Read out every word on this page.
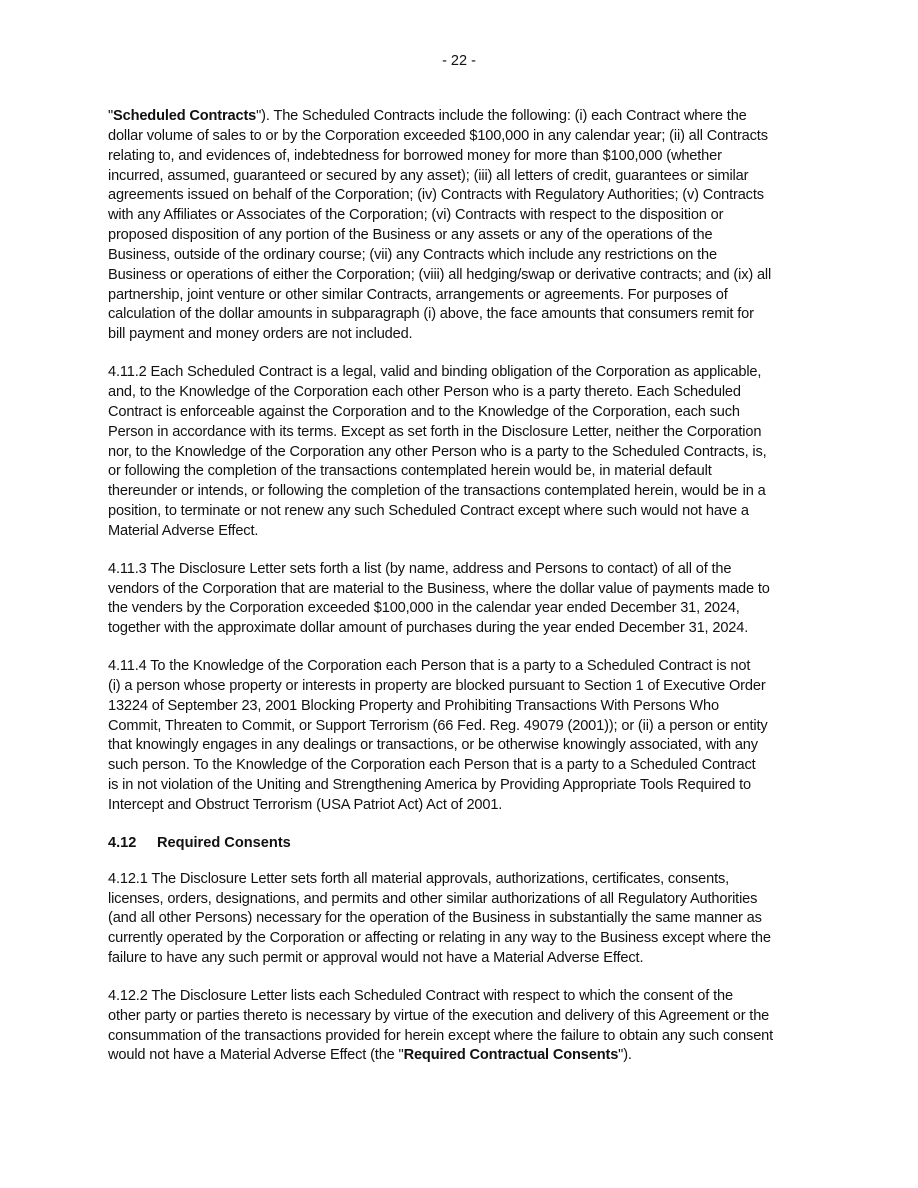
- 22 -
"Scheduled Contracts"). The Scheduled Contracts include the following: (i) each Contract where the
dollar volume of sales to or by the Corporation exceeded $100,000 in any calendar year; (ii) all Contracts
relating to, and evidences of, indebtedness for borrowed money for more than $100,000 (whether
incurred, assumed, guaranteed or secured by any asset); (iii) all letters of credit, guarantees or similar
agreements issued on behalf of the Corporation; (iv) Contracts with Regulatory Authorities; (v) Contracts
with any Affiliates or Associates of the Corporation; (vi) Contracts with respect to the disposition or
proposed disposition of any portion of the Business or any assets or any of the operations of the
Business, outside of the ordinary course; (vii) any Contracts which include any restrictions on the
Business or operations of either the Corporation; (viii) all hedging/swap or derivative contracts; and (ix) all
partnership, joint venture or other similar Contracts, arrangements or agreements. For purposes of
calculation of the dollar amounts in subparagraph (i) above, the face amounts that consumers remit for
bill payment and money orders are not included.
4.11.2 Each Scheduled Contract is a legal, valid and binding obligation of the Corporation as applicable,
and, to the Knowledge of the Corporation each other Person who is a party thereto. Each Scheduled
Contract is enforceable against the Corporation and to the Knowledge of the Corporation, each such
Person in accordance with its terms. Except as set forth in the Disclosure Letter, neither the Corporation
nor, to the Knowledge of the Corporation any other Person who is a party to the Scheduled Contracts, is,
or following the completion of the transactions contemplated herein would be, in material default
thereunder or intends, or following the completion of the transactions contemplated herein, would be in a
position, to terminate or not renew any such Scheduled Contract except where such would not have a
Material Adverse Effect.
4.11.3 The Disclosure Letter sets forth a list (by name, address and Persons to contact) of all of the
vendors of the Corporation that are material to the Business, where the dollar value of payments made to
the venders by the Corporation exceeded $100,000 in the calendar year ended December 31, 2024,
together with the approximate dollar amount of purchases during the year ended December 31, 2024.
4.11.4 To the Knowledge of the Corporation each Person that is a party to a Scheduled Contract is not
(i) a person whose property or interests in property are blocked pursuant to Section 1 of Executive Order
13224 of September 23, 2001 Blocking Property and Prohibiting Transactions With Persons Who
Commit, Threaten to Commit, or Support Terrorism (66 Fed. Reg. 49079 (2001)); or (ii) a person or entity
that knowingly engages in any dealings or transactions, or be otherwise knowingly associated, with any
such person. To the Knowledge of the Corporation each Person that is a party to a Scheduled Contract
is in not violation of the Uniting and Strengthening America by Providing Appropriate Tools Required to
Intercept and Obstruct Terrorism (USA Patriot Act) Act of 2001.
4.12 Required Consents
4.12.1 The Disclosure Letter sets forth all material approvals, authorizations, certificates, consents,
licenses, orders, designations, and permits and other similar authorizations of all Regulatory Authorities
(and all other Persons) necessary for the operation of the Business in substantially the same manner as
currently operated by the Corporation or affecting or relating in any way to the Business except where the
failure to have any such permit or approval would not have a Material Adverse Effect.
4.12.2 The Disclosure Letter lists each Scheduled Contract with respect to which the consent of the
other party or parties thereto is necessary by virtue of the execution and delivery of this Agreement or the
consummation of the transactions provided for herein except where the failure to obtain any such consent
would not have a Material Adverse Effect (the "Required Contractual Consents").
